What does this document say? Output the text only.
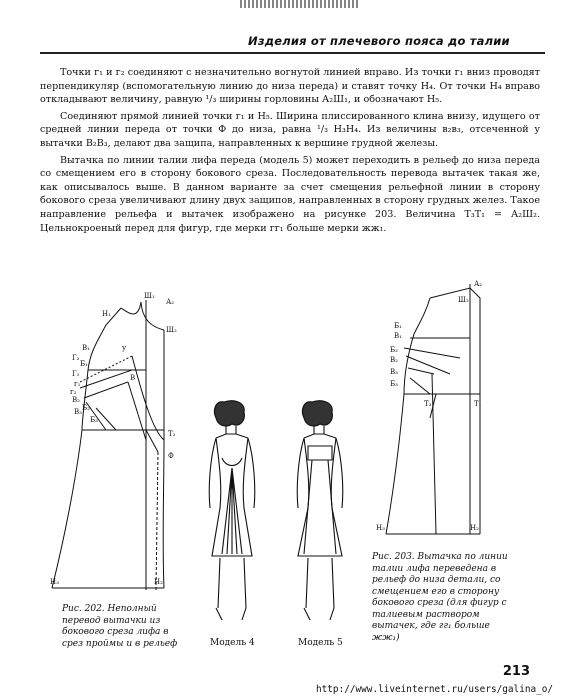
Изделия от плечевого пояса до талии

Точки г₁ и г₂ соединяют с незначительно вогнутой линией вправо. Из точки г₁ вниз проводят перпендикуляр (вспомогательную линию до низа переда) и ставят точку Н₄. От точки Н₄ вправо откладывают величину, равную ¹/₃ ширины горловины А₂Ш₁, и обозначают Н₅.

Соединяют прямой линией точки г₁ и Н₅. Ширина плиссированного клина внизу, идущего от средней линии переда от точки Ф до низа, равна ¹/₃ Н₃Н₄. Из величины в₂в₃, отсеченной у вытачки В₂В₃, делают два защипа, направленных к вершине грудной железы.

Вытачка по линии талии лифа переда (модель 5) может переходить в рельеф до низа переда со смещением его в сторону бокового среза. Последовательность перевода вытачек такая же, как описывалось выше. В данном варианте за счет смещения рельефной линии в сторону бокового среза увеличивают длину двух защипов, направленных в сторону грудных желез. Такое направление рельефа и вытачек изображено на рисунке 203. Величина Т₃Т₁ = А₂Ш₂. Цельнокроеный перед для фигур, где мерки гг₁ больше мерки жж₁.

Ш₁
А₂
Н₁
Ш₂
Г₂
В₁
Б₁
Г₁
г₁
у
г₂
В
В₂
Б₂
В₃
Б₃
Т₂
Ф
Н₃	Н₂
Рис. 202. Неполный перевод вытачки из бокового среза лифа в срез проймы и в рельеф	Модель 4	Модель 5
А₂
Ш₂
Б₁
В₁
Б₂
В₂
В₃
Б₃
Т₃	Т₁
Н₃	Н₂
Рис. 203. Вытачка по линии талии лифа переведена в рельеф до низа детали, со смещением его в сторону бокового среза (для фигур с талиевым раствором вытачек, где гг₁ больше жж₁)
213
http://www.liveinternet.ru/users/galina_o/
